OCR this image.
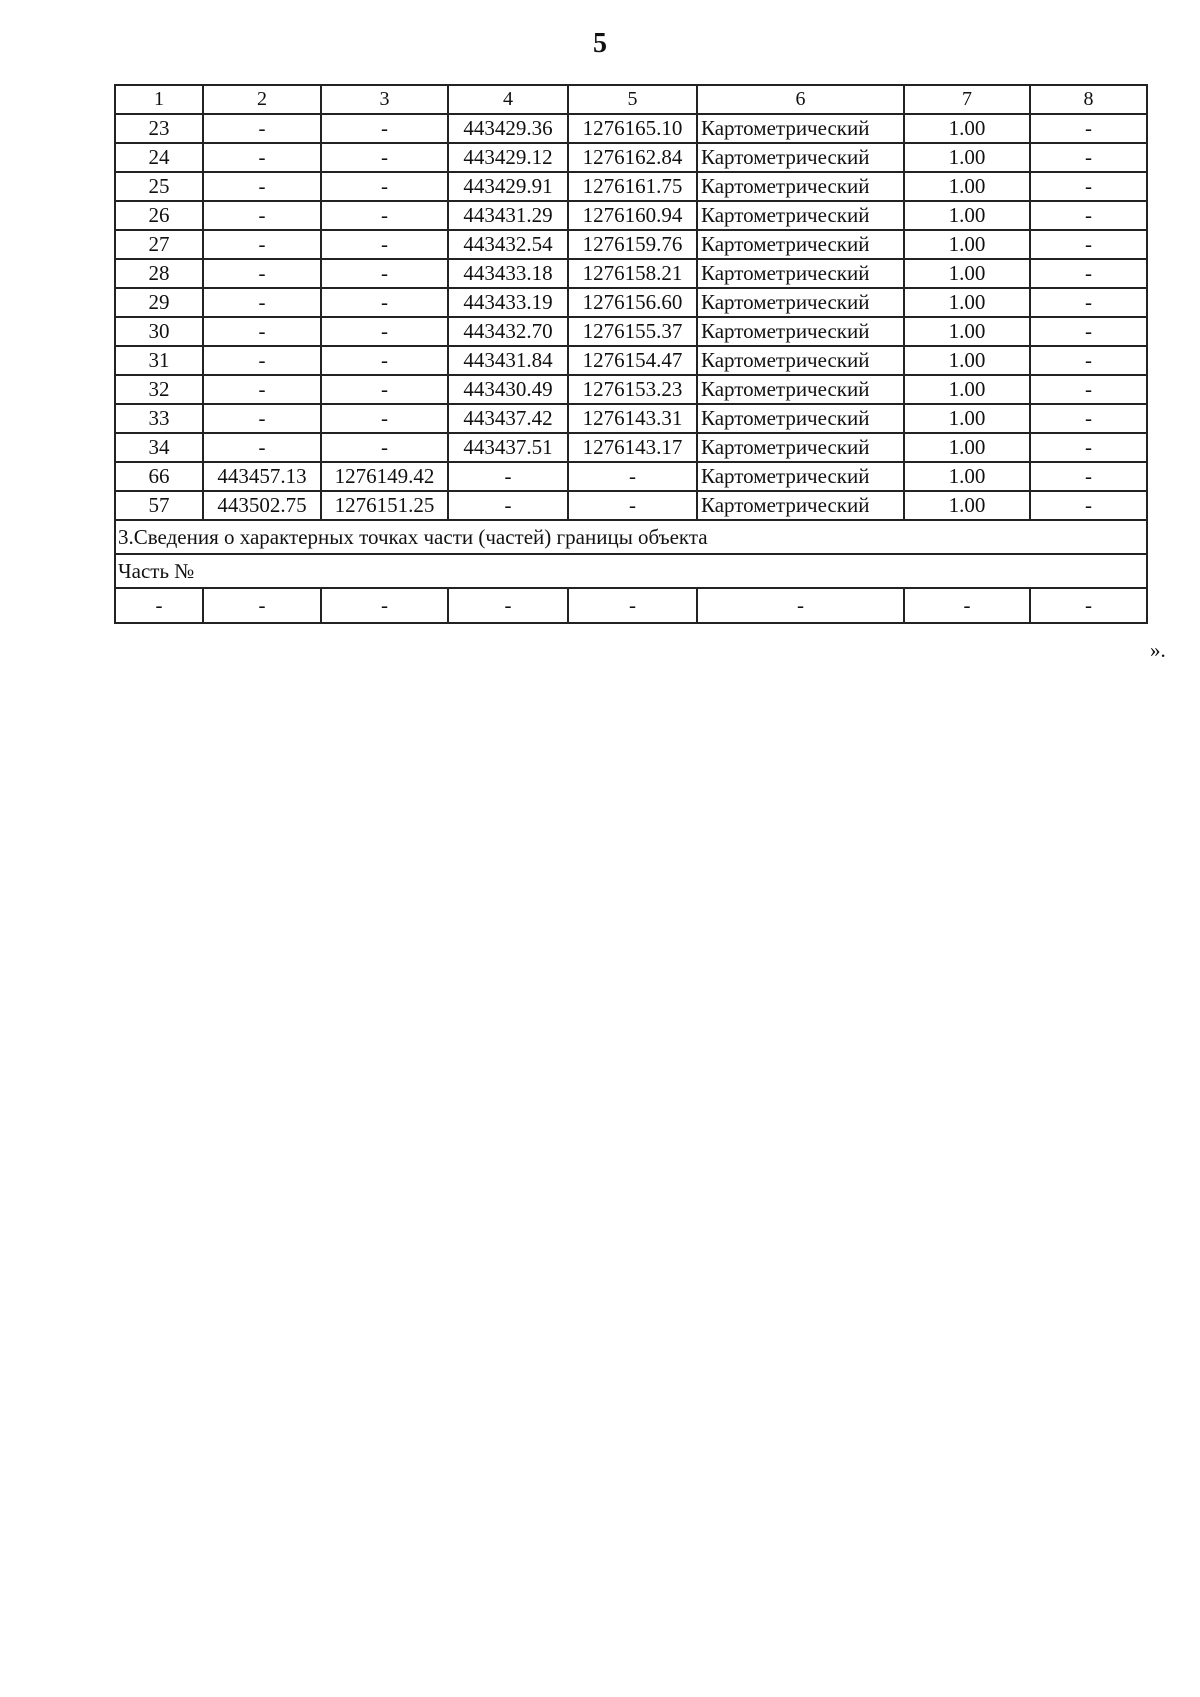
5
1	2	3	4	5	6	7	8
23	-	-	443429.36	1276165.10	Картометрический	1.00	-
24	-	-	443429.12	1276162.84	Картометрический	1.00	-
25	-	-	443429.91	1276161.75	Картометрический	1.00	-
26	-	-	443431.29	1276160.94	Картометрический	1.00	-
27	-	-	443432.54	1276159.76	Картометрический	1.00	-
28	-	-	443433.18	1276158.21	Картометрический	1.00	-
29	-	-	443433.19	1276156.60	Картометрический	1.00	-
30	-	-	443432.70	1276155.37	Картометрический	1.00	-
31	-	-	443431.84	1276154.47	Картометрический	1.00	-
32	-	-	443430.49	1276153.23	Картометрический	1.00	-
33	-	-	443437.42	1276143.31	Картометрический	1.00	-
34	-	-	443437.51	1276143.17	Картометрический	1.00	-
66	443457.13	1276149.42	-	-	Картометрический	1.00	-
57	443502.75	1276151.25	-	-	Картометрический	1.00	-
3.Сведения о характерных точках части (частей) границы объекта							
Часть №							
-	-	-	-	-	-	-	-
».
